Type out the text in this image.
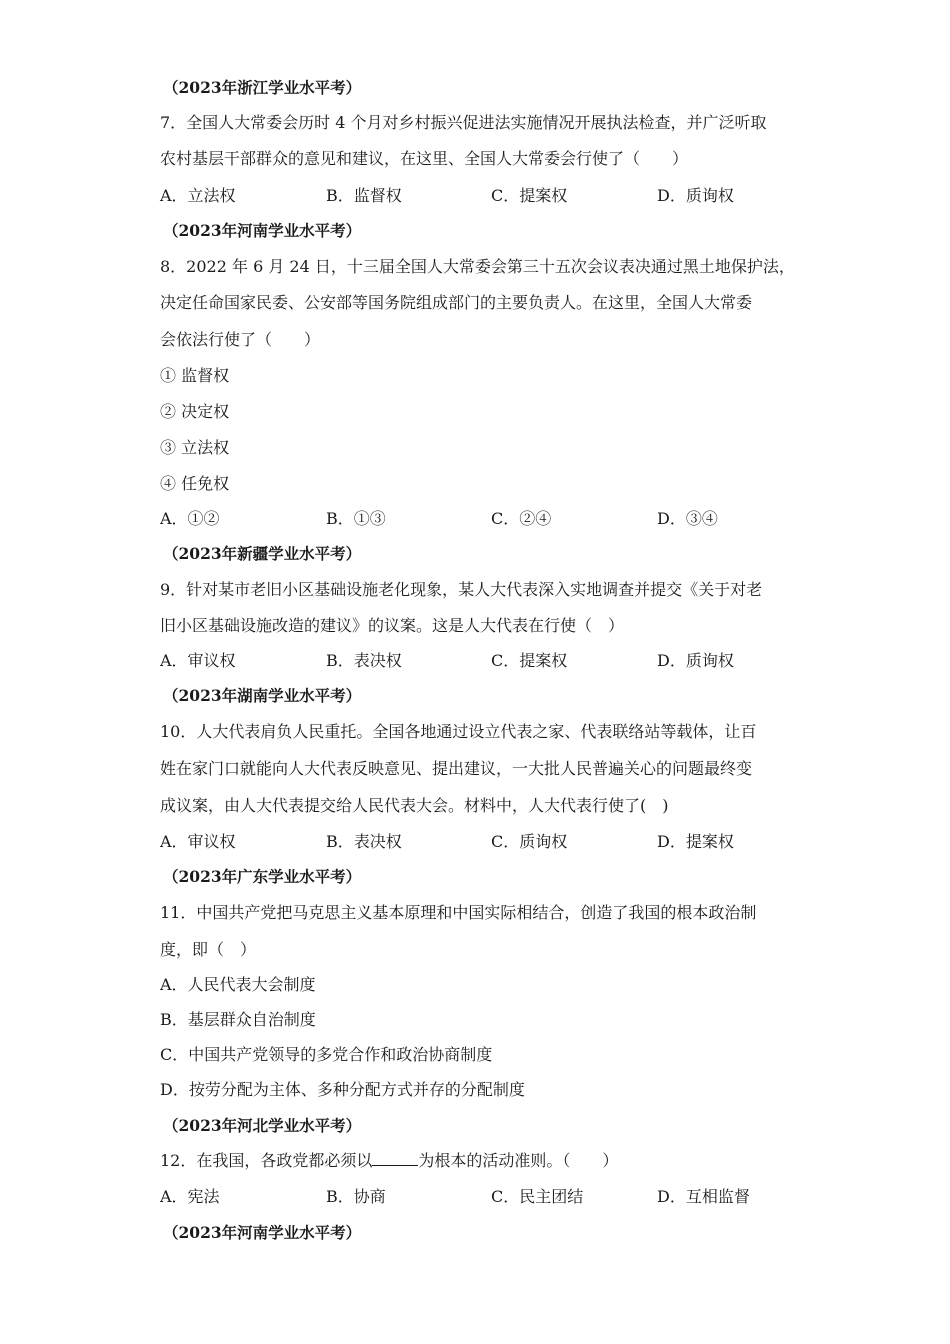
（2023年浙江学业水平考）
7．全国人大常委会历时 4 个月对乡村振兴促进法实施情况开展执法检查，并广泛听取
农村基层干部群众的意见和建议，在这里、全国人大常委会行使了（　　）
A．立法权	B．监督权	C．提案权	D．质询权
（2023年河南学业水平考）
8．2022 年 6 月 24 日，十三届全国人大常委会第三十五次会议表决通过黑土地保护法，
决定任命国家民委、公安部等国务院组成部门的主要负责人。在这里，全国人大常委
会依法行使了（　　）
① 监督权
② 决定权
③ 立法权
④ 任免权
A．①②	B．①③	C．②④	D．③④
（2023年新疆学业水平考）
9．针对某市老旧小区基础设施老化现象，某人大代表深入实地调查并提交《关于对老
旧小区基础设施改造的建议》的议案。这是人大代表在行使（　）
A．审议权	B．表决权	C．提案权	D．质询权
（2023年湖南学业水平考）
10．人大代表肩负人民重托。全国各地通过设立代表之家、代表联络站等载体，让百
姓在家门口就能向人大代表反映意见、提出建议，一大批人民普遍关心的问题最终变
成议案，由人大代表提交给人民代表大会。材料中，人大代表行使了(　)
A．审议权	B．表决权	C．质询权	D．提案权
（2023年广东学业水平考）
11．中国共产党把马克思主义基本原理和中国实际相结合，创造了我国的根本政治制
度，即（　）
A．人民代表大会制度
B．基层群众自治制度
C．中国共产党领导的多党合作和政治协商制度
D．按劳分配为主体、多种分配方式并存的分配制度
（2023年河北学业水平考）
12．在我国，各政党都必须以	为根本的活动准则。（　　）
A．宪法	B．协商	C．民主团结	D．互相监督
（2023年河南学业水平考）
